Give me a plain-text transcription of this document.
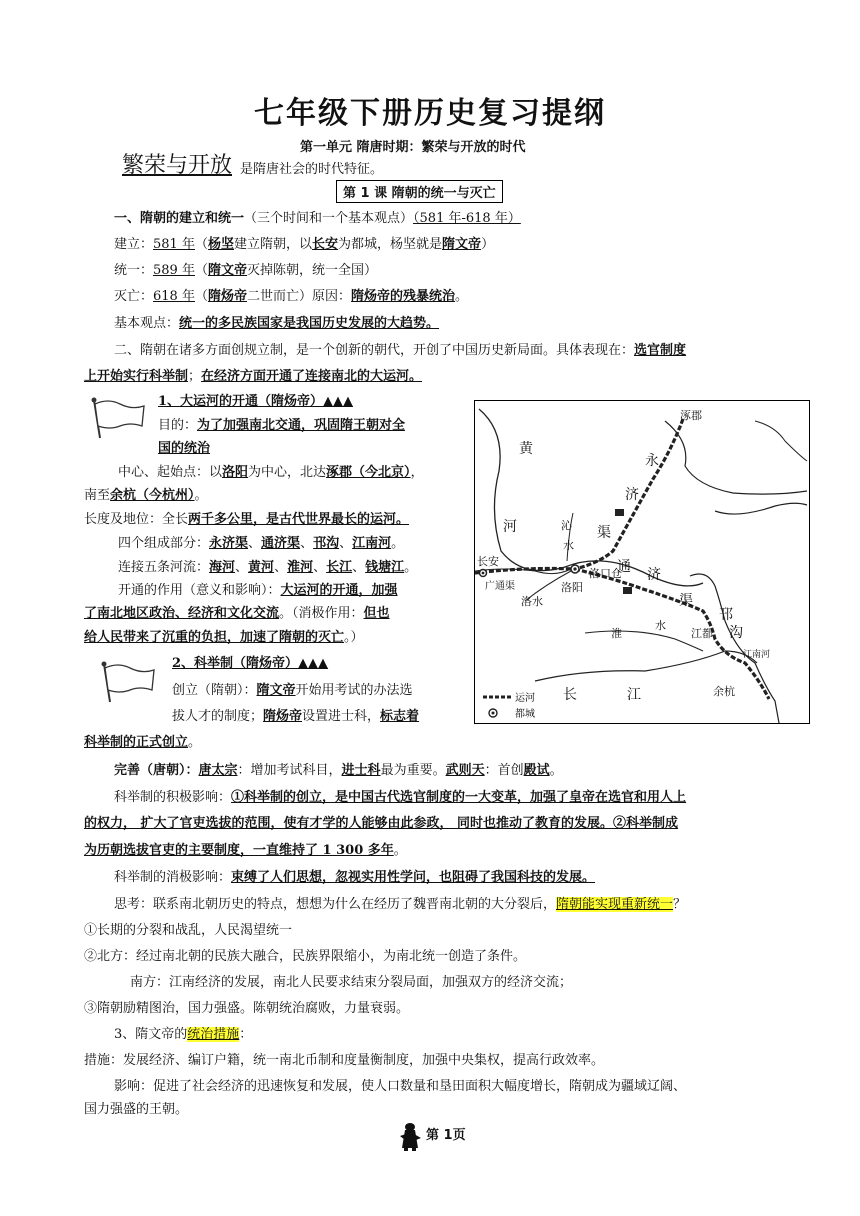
七年级下册历史复习提纲
第一单元 隋唐时期：繁荣与开放的时代
繁荣与开放 是隋唐社会的时代特征。
第 1 课 隋朝的统一与灭亡
一、隋朝的建立和统一（三个时间和一个基本观点）（581 年-618 年）
建立：581 年（杨坚建立隋朝，以长安为都城，杨坚就是隋文帝）
统一：589 年（隋文帝灭掉陈朝，统一全国）
灭亡：618 年（隋炀帝二世而亡）原因：隋炀帝的残暴统治。
基本观点：统一的多民族国家是我国历史发展的大趋势。
二、隋朝在诸多方面创规立制，是一个创新的朝代，开创了中国历史新局面。具体表现在：选官制度
上开始实行科举制；在经济方面开通了连接南北的大运河。
1、大运河的开通（隋炀帝）▲▲▲
目的：为了加强南北交通，巩固隋王朝对全
国的统治
中心、起始点：以洛阳为中心，北达涿郡（今北京），
南至余杭（今杭州）。
长度及地位：全长两千多公里，是古代世界最长的运河。
四个组成部分：永济渠、通济渠、邗沟、江南河。
连接五条河流：海河、黄河、淮河、长江、钱塘江。
开通的作用（意义和影响）：大运河的开通，加强
了南北地区政治、经济和文化交流。（消极作用：但也
给人民带来了沉重的负担，加速了隋朝的灭亡。）
2、科举制（隋炀帝）▲▲▲
创立（隋朝）：隋文帝开始用考试的办法选
拔人才的制度；隋炀帝设置进士科，标志着
科举制的正式创立。
完善（唐朝）：唐太宗：增加考试科目，进士科最为重要。武则天：首创殿试。
科举制的积极影响：①科举制的创立，是中国古代选官制度的一大变革，加强了皇帝在选官和用人上
的权力， 扩大了官吏选拔的范围，使有才学的人能够由此参政， 同时也推动了教育的发展。②科举制成
为历朝选拔官吏的主要制度，一直维持了 1 300 多年。
科举制的消极影响：束缚了人们思想，忽视实用性学问，也阻碍了我国科技的发展。
思考：联系南北朝历史的特点，想想为什么在经历了魏晋南北朝的大分裂后，隋朝能实现重新统一？
①长期的分裂和战乱，人民渴望统一
②北方：经过南北朝的民族大融合，民族界限缩小，为南北统一创造了条件。
南方：江南经济的发展，南北人民要求结束分裂局面，加强双方的经济交流；
③隋朝励精图治，国力强盛。陈朝统治腐败，力量衰弱。
3、隋文帝的统治措施：
措施：发展经济、编订户籍，统一南北币制和度量衡制度，加强中央集权，提高行政效率。
影响：促进了社会经济的迅速恢复和发展，使人口数量和垦田面积大幅度增长，隋朝成为疆域辽阔、
国力强盛的王朝。
涿郡
黄
河
永
济
渠
沁
水
长安
广通渠
洛水
洛阳
洛口仓
通 济
渠
淮
水
邗
沟
江都
江南河
长	江	余杭
运河
都城
第 1页
